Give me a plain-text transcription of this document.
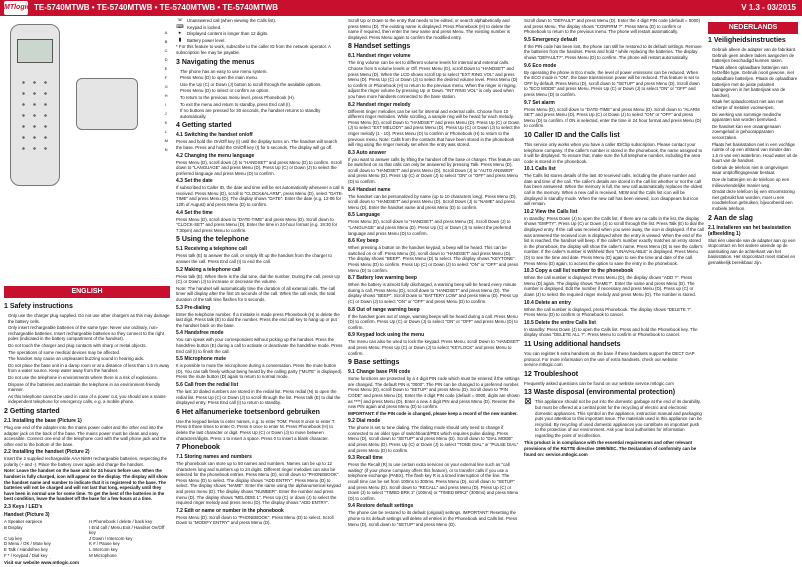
MTlogic TE-5740MTWB • TE-5740MTWB • TE-5740MTWB • TE-5740MTWB	V 1.3 - 03/2015
A
B
C
D
E
F
G
H
I
J
K
L
M
N
ENGLISH
1 Safety instructions

Only use the charger plug supplied. Do not use other chargers as this may damage the battery cells.

Only insert rechargeable batteries of the same type. Never use ordinary, non-rechargeable batteries. Insert rechargeable batteries so they connect to the right poles (indicated in the battery compartment of the handset).

Do not touch the charger and plug contacts with sharp or metal objects.

The operations of some medical devices may be affected.

The handset may cause an unpleasant buzzing sound in hearing aids.

Do not place the base unit in a damp room or at a distance of less than 1.5 m away from a water source. Keep water away from the handset.

Do not use the telephone in environments where there is a risk of explosions.

Dispose of the batteries and maintain the telephone in an environment-friendly manner.

As this telephone cannot be used in case of a power cut, you should use a mains-independent telephone for emergency calls, e.g. a mobile phone.

2 Getting started
2.1 Installing the base (Picture 1)

Plug one end of the adapter into the mains power outlet and the other end into the adapter jack on the back of the base. The mains power must be clean and easy accessible. Connect one end of the telephone cord with the wall phone jack and the other end to the bottom of the base.

2.2 Installing the handset (Picture 2)

Insert the 2 supplied rechargeable AAA NiMH rechargeable batteries, respecting the polarity (+ and -). Place the battery cover again and charge the handset.

Note: Leave the handset on the base unit for 24 hours before use. When the handset is fully charged, icon will appear on the display. The display will show the handset name and number to indicate that it is registered to the base. The batteries will not be charged and will not last that long, especially until they have been in normal use for some time. To get the best of the batteries in the best condition, leave the handset off the base for a few hours at a time.

2.3 Keys / LED's
Handset (Picture 3)
A Speaker earpiece	H Phonebook / delete / back key
B Display	I End call / Menu Exit / Handset On/Off key
C Up key	J Down / Intercom key
D Menu / OK / Mute key	K # / Pause key
E Talk / Handsfree key	L Intercom key
F * / Keypad / Dial key	M Microphone
☏ Unanswered call (when viewing the Calls list).
⌨ Keypad is locked.
▸	Displayed content is longer than 12 digits.
▮	Battery power level.

* For this feature to work, subscribe to the caller ID from the network operator. A subscription fee may be payable.

3 Navigating the menus

The phone has an easy to use menu system.

Press Menu (D) to open the main menu.

Use the Up (C) or Down (J) button to scroll through the available options.

Press Menu (D) to select or confirm an option.

To return to the previous menu level, press Phonebook (H).

To exit the menu and return to standby, press End call (I).

If no buttons are pressed for 30 seconds, the handset returns to standby automatically.

4 Getting started
4.1 Switching the handset on/off

Press and hold the On/Off key (I) until the display turns on. The handset will search the base. Press and hold the On/Off key (I) for 5 seconds. The display will go off.

4.2 Changing the menu language

Press Menu (D), scroll down (J) to "HANDSET" and press Menu (D) to confirm. Scroll down to "LANGUAGE" and press Menu (D). Press Up (C) or Down (J) to select the preferred language and press Menu (D) to confirm.

4.3 Set the date

If subscribed to Caller ID, the date and time will be set automatically whenever a call is received. Press Menu (D), scroll to "CLOCK&ALARM", press Menu (D), select "DATE-TIME" and press Menu (D). The display shows "DATE". Enter the date (e.g. 12-06 for 12th of August) and press Menu (D) to confirm.

4.4 Set the time

Press Menu (D), scroll down to "DATE-TIME" and press Menu (D). Scroll down to "CLOCK-SET" and press Menu (D). Enter the time in 24-hour format (e.g. 19:30 for 7:30pm) and press Menu to confirm.

5 Using the telephone
5.1 Receiving a telephone call

Press talk (E) to answer the call, or simply lift up the handset from the charger to answer the call. Press End call (I) to end the call.

5.2 Making a telephone call

Press talk (E). When there is the dial tone, dial the number. During the call, press Up (C) or Down (J) to increase or decrease the volume.

Note: The handset will automatically time the duration of all external calls. The call timer will display after the first 15 seconds of the call. When the call ends, the total duration of the talk time flashes for 5 seconds.

5.3 Pre-dialing

Enter the telephone number. If a mistake is made press Phonebook (H) to delete the last digit. Press talk (E) to dial the number. Press the end call key to hang up or put the handset back on the base.

5.4 Handsfree mode

You can speak with your correspondent without picking up the handset. Press the handsfree button (E) during a call to activate or deactivate the handsfree mode. Press End call (I) to finish the call.

5.5 Microphone mute

It is possible to mute the microphone during a conversation. Press the mute button (D). You can talk freely without being heard by the calling party ("MUTE" is displayed). Press the mute button (D) again to return to normal mode.

5.6 Call from the redial list

The last 10 dialed numbers are stored in the redial list. Press redial (N) to open the redial list. Press Up (C) or Down (J) to scroll through the list. Press talk (E) to dial the displayed entry. Press End call (I) to return to standby.

6 Het alfanumerieke toetsenbord gebruiken

Use the keypad below to enter names, e.g. to enter TOM: Press 8 once to enter T. Press 6 three times to enter O. Press 6 once to enter M. Press Phonebook (H) to delete the last character or digit. Press Up (C) or Down (J) to move between characters/digits. Press 1 to insert a space. Press 0 to insert a blank character.

7 Phonebook
7.1 Storing names and numbers

The phonebook can store up to 50 names and numbers. Names can be up to 12 characters long and numbers up to 24 digits. Different ringer melodies can also be selected for the phonebook entries. Press Menu (D), scroll down to "PHONEBOOK". Press Menu (D) to select. The display shows "ADD ENTRY". Press Menu (D) to select. The display shows "NAME". Enter the name using the alphanumerical keypad and press menu (D). The display shows "NUMBER". Enter the number and press menu (D). The display shows "MELODIE 1". Press Up (C) or down (J) to select the required ringer melody and press menu (D). The display shows "ADD ENTRY".

7.2 Edit or name or number in the phonebook

Press Menu (D). Scroll down to "PHONEBOOK". Press Menu (D) to select. Scroll Down to "MODIFY ENTRY" and press Menu (D).

Scroll Up or Down to the entry that needs to be edited, or search alphabetically and press Menu (D). The existing name is displayed. Press Phonebook (H) to delete the name if required, then enter the new name and press Menu. The existing number is displayed. Press Menu again to confirm the modified entry.

8 Handset settings
8.1 Handset ringer volume

The ring volume can be set to different volume levels for internal and external calls. Choose from 5 volume levels or Off. Press Menu (D), scroll Down to "HANDSET" and press Menu (D). When the LCD shows scroll Up to select "EXT RING VOL" and press Menu (D). Press Up (C) or Down (J) to select the desired volume level. Press Menu (D) to confirm or Phonebook (H) to return to the previous menu. When the ringer is ringing, adjust the ringer volume by pressing Up or Down. "INT RING VOL" is only used when you have more handsets connected to the base station.

8.2 Handset ringer melody

Different ringer melodies can be set for internal and external calls. Choose from 10 different ringer melodies. While scrolling, a sample ring will be heard for each melody. Press Menu (D), scroll Down to "HANDSET" and press Menu (D). Press Up (C) or Down (J) to select "EXT MELODY" and press Menu (D). Press Up (C) or Down (J) to select the ringer melody (1 - 10). Press Menu (D) to confirm or Phonebook (H) to return to the previous menu. Note: Calls from the contacts that have been stored in the phonebook will ring using the ringer melody set when the entry was stored.

8.3 Auto answer

If you want to answer calls by lifting the handset off the base or charger. This feature can be switched on so that calls can only be answered by pressing Talk. Press Menu (D), scroll down to "HANDSET" and press Menu (D). Scroll Down (J) to "AUTO ANSWER" and press Menu (D). Press Up (C) or Down (J) to select "ON" or "OFF" and press Menu (D) to confirm.

8.4 Handset name

The handset can be personalized by name (up to 10 characters long). Press Menu (D), scroll down to "HANDSET" and press Menu (D). Scroll Down (J) to "NAME" and press Menu (D). Enter the handset name and press Menu (D) to confirm.

8.5 Language

Press Menu (D), scroll down to "HANDSET" and press Menu (D). Scroll Down (J) to "LANGUAGE" and press Menu (D). Press Up (C) or Down (J) to select the preferred language and press Menu (D) to confirm.

8.6 Key beep

When pressing a button on the handset keypad, a beep will be heard. This can be switched on or off. Press Menu (D), scroll down to "HANDSET" and press Menu (D). The display shows "BEEP". Press Menu (D) to select. The display shows "KEYTONE". Press Menu (D) to confirm. Press Up (C) or Down (J) to select "ON" or "OFF" and press Menu (D) to confirm.

8.7 Battery low warning beep

When the battery is almost fully discharged, a warning beep will be heard every minute during a call. Press Menu (D), scroll down to "HANDSET" and press Menu (D). The display shows "BEEP". Scroll Down to "BATTERY LOW" and press Menu (D). Press Up (C) or Down (J) to select "ON" or "OFF" and press Menu (D) to confirm.

8.8 Out of range warning beep

If the handset goes out of range, warning beeps will be heard during a call. Press Menu (D) to confirm. Press Up (C) or Down (J) to select "ON" or "OFF" and press Menu (D) to confirm.

8.9 Keypad lock using the menu

The menu can also be used to lock the keypad. Press Menu, scroll Down to "HANDSET" and press Menu. Press Up (C) or Down (J) to select "KEYLOCK" and press Menu to confirm.

9 Base settings
9.1 Change base PIN code

Some functions are protected by a 4 digit PIN code which must be entered if the settings are changed. The default PIN is "0000". The PIN can be changed to a preferred number. Press Menu (D), scroll Down to "SETUP" and press Menu (D). Scroll down to "PIN CODE" and press Menu (D). Enter the 4 digit PIN code (default = 0000, digits are shown as ****) and press Menu (D). Enter a new 4 digit PIN and press Menu (D). Reenter the new PIN again and press Menu (D) to confirm.

IMPORTANT: If the PIN code is changed, please keep a record of the new number.

9.2 Dial mode

The phone is set to tone dialing. The dialing mode should only need to change if connected to an older type of switchboard/PBX which requires pulse dialing. Press Menu (D), scroll down to "SETUP" and press Menu (D). Scroll down to "DIAL MODE" and press Menu (D). Press Up (C) or Down (J) to select "TONE DIAL" or "PULSE DIAL" and press Menu (D) to confirm.

9.3 Recall time

Press the Recall (R) to use certain extra services on your external line such as "call waiting" (if your phone company offers this feature), or to transfer calls if you use a telephone exchange (PABX). The flash key R is a timed interruption of the line. The recall time can be set from 100ms to 300ms. Press Menu (D), scroll down to "SETUP" and press Menu (D). Scroll down to "RECALL" and press Menu (D). Press Up (C) or Down (J) to select "TIMED BRK 1" (100ms) or "TIMED BRK2" (300ms) and press Menu (D) to confirm.

9.4 Restore default settings

The phone can be restored to its default (original) settings. IMPORTANT: Resetting the phone to its default settings will delete all entries in the Phonebook and Calls list. Press Menu (D), scroll down to "SETUP" and press Menu (D).

Scroll down to "DEFAULT" and press Menu (D). Enter the 4 digit PIN code (default = 0000) and press Menu. The display shows "CONFIRM ?". Press Menu (D) to confirm or Phonebook to return to the previous menu. The phone will restart automatically.

9.5 Emergency default

If the PIN code has been lost, the phone can still be restored to its default settings. Remove the batteries from the handset. Press and hold * while replacing the batteries. The display shows "DEFAULT?". Press Menu (D) to confirm. The phone will restart automatically.

9.6 Eco mode

By operating the phone in Eco mode, the level of power emissions can be reduced. When the ECO mode is "ON", the base transmission power will be reduced. This feature is set to OFF by default. Press Menu (D), scroll down to "SETUP" and press Menu (D). Scroll down to "ECO MODE" and press Menu. Press Up (C) or Down (J) to select "ON" or "OFF" and press Menu (D) to confirm.

9.7 Set alarm

Press Menu (D), scroll down to "DATE-TIME" and press Menu (D). Scroll down to "ALARM SET" and press Menu (D). Press Up (C) or Down (J) to select "ON" or "OFF" and press Menu (D) to confirm. If ON is selected, enter the time in 24 hour format and press Menu (D) to confirm.

10 Caller ID and the Calls list

This service only works when you have a caller ID/Clip subscription. Please contact your telephone company. If the caller's number is stored in the phonebook, the name assigned to it will be displayed. To ensure that, make sure the full telephone number, including the area code is stored in the phonebook.

10.1 Calls list

The Calls list stores details of the last 40 received calls, including the phone number and date and time of the call. The caller's details are stored in the call list whether or not the call has been answered. When the memory is full, the new call automatically replaces the oldest call in the memory. When a new call is received, NEW and the Calls list icon will be displayed in standby mode. When the new call has been viewed, icon disappears but icon will remain.

10.2 View the Calls list

In standby: Press Down (J) to open the Calls list. If there are no calls in the list, the display shows "EMPTY". Press Up (C) or Down (J) to scroll through the list. Press Talk (E) to dial the displayed entry. If the call was received when you were away, the icon is displayed. If the call was answered the received icon is displayed when the entry is viewed. When the end of the list is reached, the handset will beep. If the caller's number exactly matches an entry stored in the phonebook, the display will show the caller's name. Press Menu (D) to see the caller's number. If the caller's number is Withheld then "UNAVAILABLE" is displayed. Press Menu (D) to see the time and date. Press Menu (D) again to see the time and date of the call. Press Menu (D) again, to access the option to save the entry in the phonebook.

10.3 Copy a call list number to the phonebook

When the call number is displayed: Press Menu (D), the display shows "ADD ?". Press Menu (D) again. The display shows "NAME?". Enter the name and press Menu (D). The number is displayed. Edit the number if necessary and press Menu (D). Press up (C) or down (J) to select the required ringer melody and press Menu (D). The number is stored.

10.4 Delete an entry

When the call number is displayed, press Phonebook. The display shows "DELETE ?". Press Menu (D) to confirm or Phonebook to cancel.

10.5 Delete the entire Calls list

In standby: Press Down (J) to open the Calls list. Press and hold the Phonebook key. The display shows "DELETE ALL ?". Press Menu to confirm or Phonebook to cancel.

11 Using additional handsets

You can register 5 extra handsets on the base if these handsets support the DECT GAP protocol. For more information on the use of extra handsets, check our website: service.mtlogic.com

12 Troubleshoot

Frequently asked questions can be found on our website service.mtlogic.com

13 Waste disposal (environmental protection)
⊠ This appliance should not be put into the domestic garbage at the end of its durability, but must be offered at a central point for the recycling of electric and electronic domestic appliances. This symbol on the appliance, instruction manual and packaging puts your attention to this important issue. The materials used in this appliance can be recycled. By recycling of used domestic appliances you contribute an important push to the protection of our environment. Ask your local authorities for information regarding the point of recollection.

This product is in compliance with the essential requirements and other relevant provisions of the R&TTE directive 1999/5/EC. The Declaration of conformity can be found on: service.mtlogic.com

NEDERLANDS
1 Veiligheidsinstructies

Gebruik alleen de adapter van de fabrikant. Gebruik geen andere laders aangezien de batterijen beschadigd kunnen raken.

Plaats alleen oplaadbare batterijen van hetzelfde type. Gebruik nooit gewone, niet oplaadbare batterijen. Plaats de oplaadbare batterijen met de juiste polariteit (aangegeven in het batterijvak van de handset).

Raak het oplaadcontact niet aan met scherpe of metalen voorwerpen.

De werking van sommige medische apparaten kan worden beïnvloed.

De handset kan een onaangenaam zoemgeluid in gehoorapparaten veroorzaken.

Plaats het basisstation niet in een vochtige ruimte of op een afstand van minder dan 1,5 m van een waterbron. Houd water uit de buurt van de handset.

Gebruik de telefoon niet in omgevingen waar ontploffingsgevaar bestaat.

Doe de batterijen en de telefoon op een milieuvriendelijke manier weg.

Omdat deze telefoon bij een stroomstoring niet gebruikt kan worden, moet u een noodtelefoon gebruiken, bijvoorbeeld een mobiele telefoon.

2 Aan de slag
2.1 Installeren van het basisstation (afbeelding 1)

Sluit één uiteinde van de adapter aan op een stopcontact en het andere uiteinde op de aansluiting aan de achterkant van het basisstation. Het stopcontact moet stabiel en gemakkelijk bereikbaar zijn.

Visit our website www.mtlogic.com
